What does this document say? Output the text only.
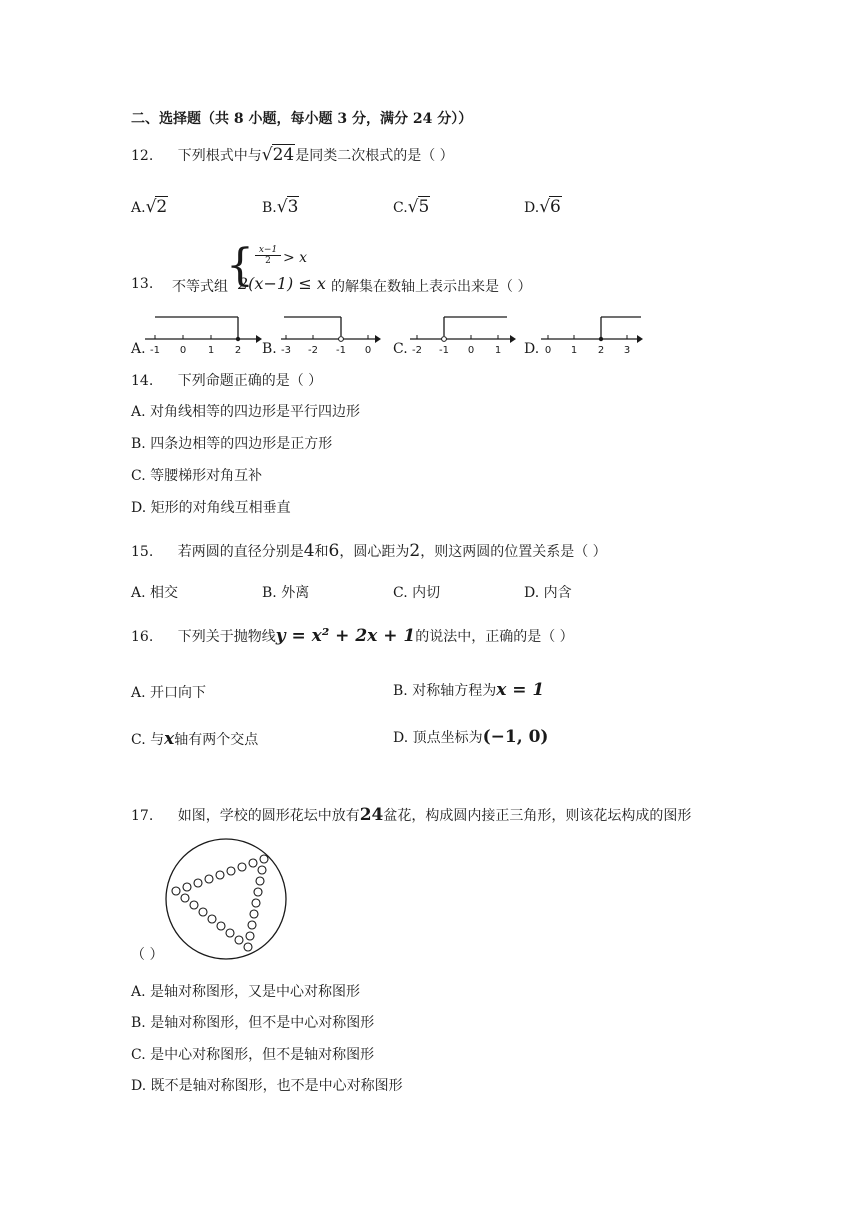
二、选择题（共 8 小题，每小题 3 分，满分 24 分））
12. 下列根式中与√24是同类二次根式的是（ ）
A.√2	B.√3	C.√5	D.√6
13. 不等式组
{ $\frac{x-1}{2} > x$
2(x−1) ≤ x 的解集在数轴上表示出来是（ ）
A.	B.	C.	D.
-1 0 1 2	-3 -2 -1 0	-2 -1 0 1	0 1 2 3
14. 下列命题正确的是（ ）
A. 对角线相等的四边形是平行四边形
B. 四条边相等的四边形是正方形
C. 等腰梯形对角互补
D. 矩形的对角线互相垂直
15. 若两圆的直径分别是4和6，圆心距为2，则这两圆的位置关系是（ ）
A. 相交	B. 外离	C. 内切	D. 内含
16. 下列关于抛物线y = x² + 2x + 1的说法中，正确的是（ ）
A. 开口向下	B. 对称轴方程为x = 1
C. 与x轴有两个交点	D. 顶点坐标为(−1, 0)
17. 如图，学校的圆形花坛中放有24盆花，构成圆内接正三角形，则该花坛构成的图形
（ ）
A. 是轴对称图形，又是中心对称图形
B. 是轴对称图形，但不是中心对称图形
C. 是中心对称图形，但不是轴对称图形
D. 既不是轴对称图形，也不是中心对称图形
